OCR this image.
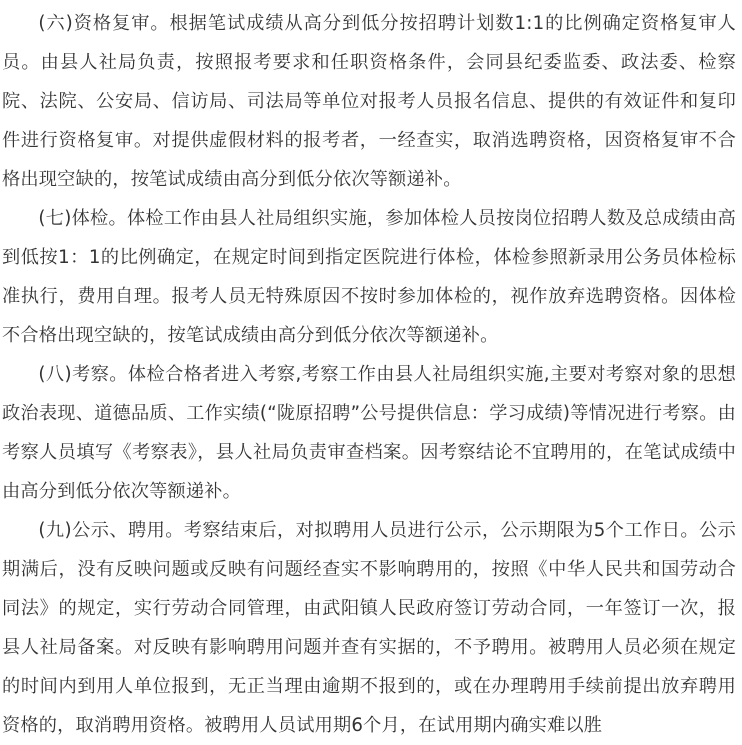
(六)资格复审。根据笔试成绩从高分到低分按招聘计划数1:1的比例确定资格复审人员。由县人社局负责，按照报考要求和任职资格条件，会同县纪委监委、政法委、检察院、法院、公安局、信访局、司法局等单位对报考人员报名信息、提供的有效证件和复印件进行资格复审。对提供虚假材料的报考者，一经查实，取消选聘资格，因资格复审不合格出现空缺的，按笔试成绩由高分到低分依次等额递补。

(七)体检。体检工作由县人社局组织实施，参加体检人员按岗位招聘人数及总成绩由高到低按1：1的比例确定，在规定时间到指定医院进行体检，体检参照新录用公务员体检标准执行，费用自理。报考人员无特殊原因不按时参加体检的，视作放弃选聘资格。因体检不合格出现空缺的，按笔试成绩由高分到低分依次等额递补。

(八)考察。体检合格者进入考察,考察工作由县人社局组织实施,主要对考察对象的思想政治表现、道德品质、工作实绩(“陇原招聘”公号提供信息：学习成绩)等情况进行考察。由考察人员填写《考察表》，县人社局负责审查档案。因考察结论不宜聘用的，在笔试成绩中由高分到低分依次等额递补。

(九)公示、聘用。考察结束后，对拟聘用人员进行公示，公示期限为5个工作日。公示期满后，没有反映问题或反映有问题经查实不影响聘用的，按照《中华人民共和国劳动合同法》的规定，实行劳动合同管理，由武阳镇人民政府签订劳动合同，一年签订一次，报县人社局备案。对反映有影响聘用问题并查有实据的，不予聘用。被聘用人员必须在规定的时间内到用人单位报到，无正当理由逾期不报到的，或在办理聘用手续前提出放弃聘用资格的，取消聘用资格。被聘用人员试用期6个月，在试用期内确实难以胜
